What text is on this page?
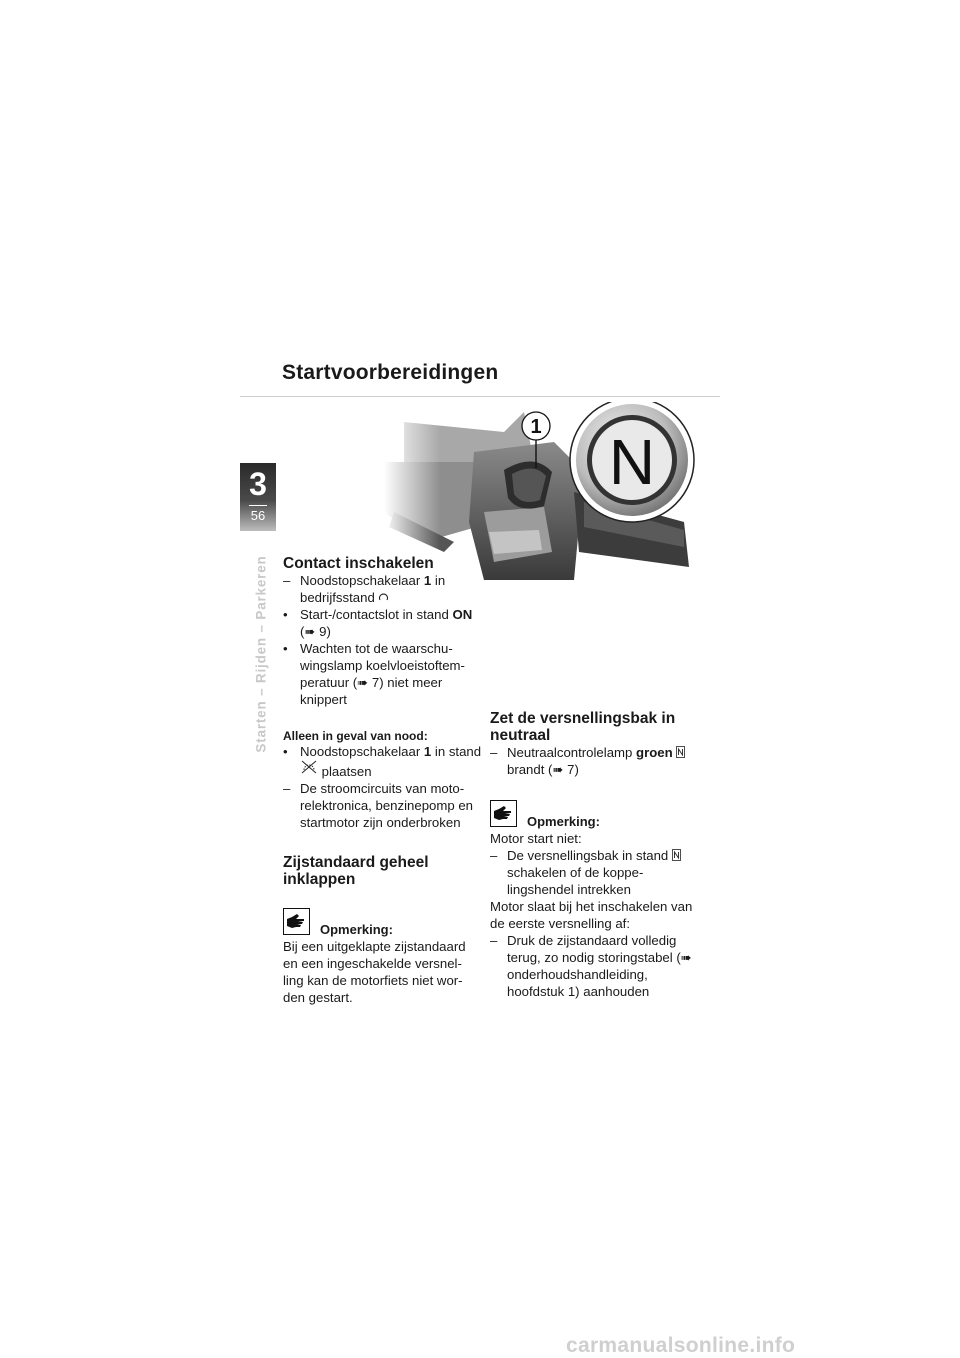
Startvoorbereidingen
3
56
Starten – Rijden – Parkeren Contact inschakelen
– Noodstopschakelaar 1 in bedrijfsstand
• Start-/contactslot in stand ON (➠ 9)
• Wachten tot de waarschu- wingslamp koelvloeistoftem- peratuur (➠ 7) niet meer knippert
Alleen in geval van nood:
• Noodstopschakelaar 1 in stand  plaatsen
– De stroomcircuits van moto- relektronica, benzinepomp en startmotor zijn onderbroken
Zijstandaard geheel inklappen
Opmerking:
Bij een uitgeklapte zijstandaard en een ingeschakelde versnel- ling kan de motorfiets niet wor- den gestart.
Zet de versnellingsbak in neutraal
– Neutraalcontrolelamp groen  brandt (➠ 7)
Opmerking:
Motor start niet:
– De versnellingsbak in stand  schakelen of de koppe- lingshendel intrekken
Motor slaat bij het inschakelen van de eerste versnelling af:
– Druk de zijstandaard volledig terug, zo nodig storingstabel (➠ onderhoudshandleiding, hoofdstuk 1) aanhouden
carmanualsonline.info
